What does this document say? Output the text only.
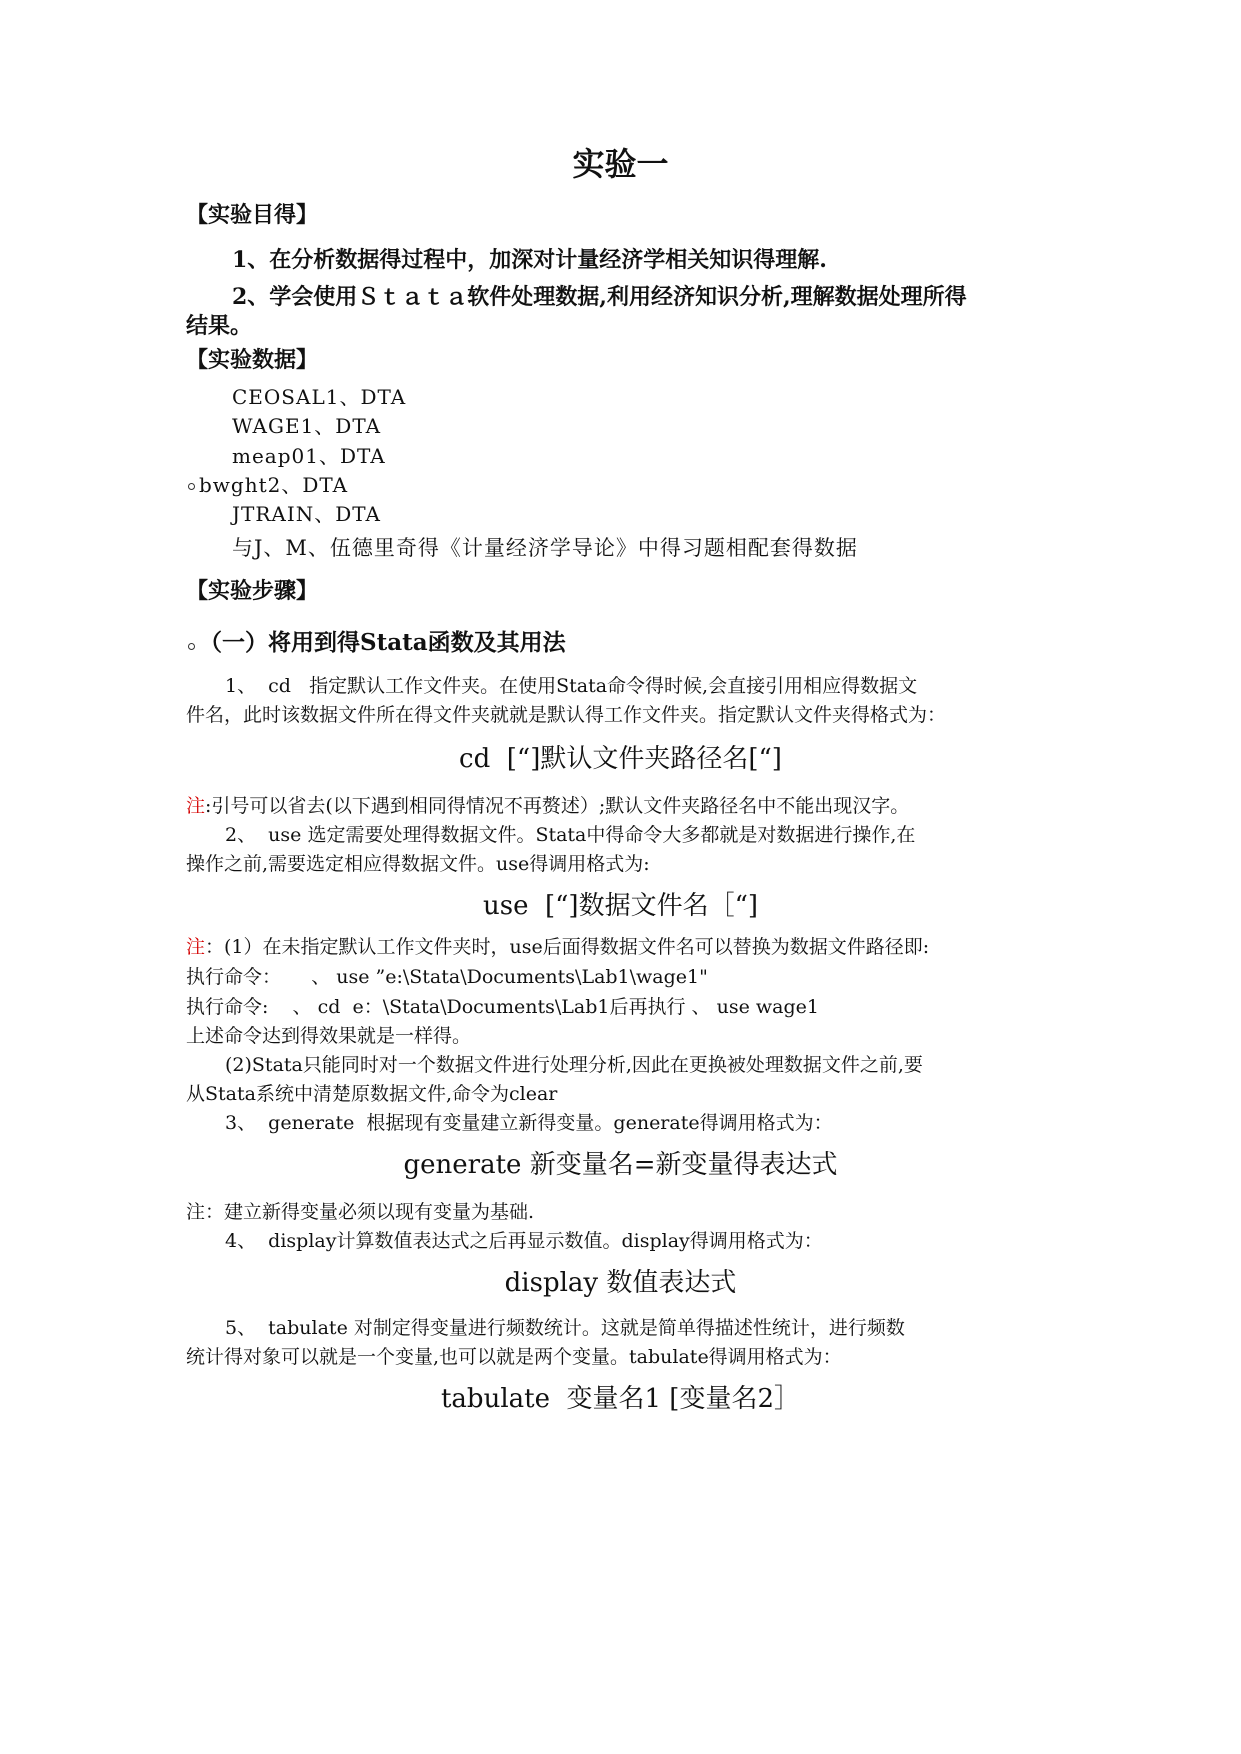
实验一
【实验目得】
1、在分析数据得过程中，加深对计量经济学相关知识得理解.
2、学会使用Ｓｔａｔａ软件处理数据,利用经济知识分析,理解数据处理所得
结果。
【实验数据】
CEOSAL1、DTA
WAGE1、DTA
meap01、DTA
bwght2、DTA
JTRAIN、DTA
与J、M、伍德里奇得《计量经济学导论》中得习题相配套得数据
【实验步骤】
（一）将用到得Stata函数及其用法
1、  cd   指定默认工作文件夹。在使用Stata命令得时候,会直接引用相应得数据文
件名，此时该数据文件所在得文件夹就就是默认得工作文件夹。指定默认文件夹得格式为：
cd  [“]默认文件夹路径名[“]
注:引号可以省去(以下遇到相同得情况不再赘述）;默认文件夹路径名中不能出现汉字。
2、  use 选定需要处理得数据文件。Stata中得命令大多都就是对数据进行操作,在
操作之前,需要选定相应得数据文件。use得调用格式为:
use  [“]数据文件名［“]
注：(1）在未指定默认工作文件夹时，use后面得数据文件名可以替换为数据文件路径即:
执行命令：     、 use ”e:\Stata\Documents\Lab1\wage1"
执行命令:    、 cd  e：\Stata\Documents\Lab1后再执行 、 use wage1
上述命令达到得效果就是一样得。
(2)Stata只能同时对一个数据文件进行处理分析,因此在更换被处理数据文件之前,要
从Stata系统中清楚原数据文件,命令为clear
3、  generate  根据现有变量建立新得变量。generate得调用格式为：
generate 新变量名=新变量得表达式
注：建立新得变量必须以现有变量为基础.
4、  display计算数值表达式之后再显示数值。display得调用格式为：
display 数值表达式
5、  tabulate 对制定得变量进行频数统计。这就是简单得描述性统计，进行频数
统计得对象可以就是一个变量,也可以就是两个变量。tabulate得调用格式为：
tabulate  变量名1 [变量名2］
